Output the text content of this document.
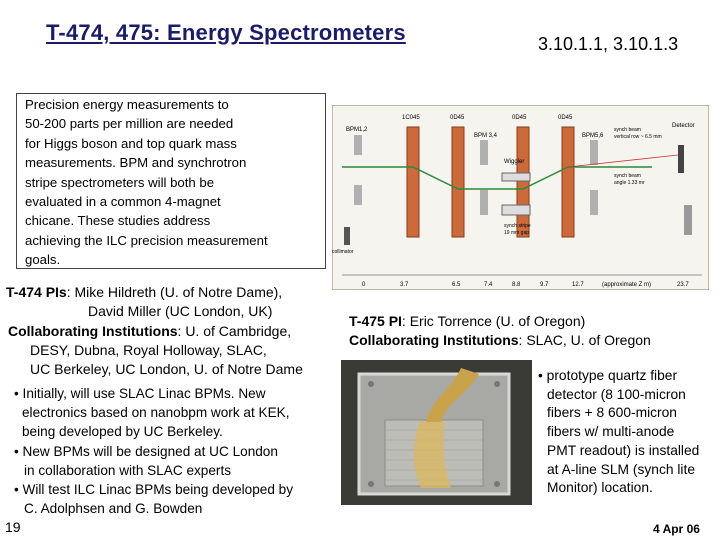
T-474, 475: Energy Spectrometers	3.10.1.1, 3.10.1.3
Precision energy measurements to
50-200 parts per million are needed
for Higgs boson and top quark mass
measurements. BPM and synchrotron
stripe spectrometers will both be
evaluated in a common 4-magnet
chicane. These studies address
achieving the ILC precision measurement
goals.
1C045	0D45	0D45	0D45
BPM1,2
BPM 3,4
Wiggler
BPM5,6
Detector
synch beam
vertical row ~ 6.5 mm
synch beam
angle 1.33 mr
synch stripe
19 mm gap
collimator
0	3.7	6.5	7.4	8.8	9.7	12.7	(approximate Z m)	23.7
T-474 PIs: Mike Hildreth (U. of Notre Dame),
David Miller (UC London, UK)
Collaborating Institutions: U. of Cambridge,
DESY, Dubna, Royal Holloway, SLAC,
UC Berkeley, UC London, U. of Notre Dame
• Initially, will use SLAC Linac BPMs. New
electronics based on nanobpm work at KEK,
being developed by UC Berkeley.
• New BPMs will be designed at UC London
in collaboration with SLAC experts
• Will test ILC Linac BPMs being developed by
C. Adolphsen and G. Bowden
T-475 PI: Eric Torrence (U. of Oregon)
Collaborating Institutions: SLAC, U. of Oregon
• prototype quartz fiber
detector (8 100-micron
fibers + 8 600-micron
fibers w/ multi-anode
PMT readout) is installed
at A-line SLM (synch lite
Monitor) location.
19	4 Apr 06
